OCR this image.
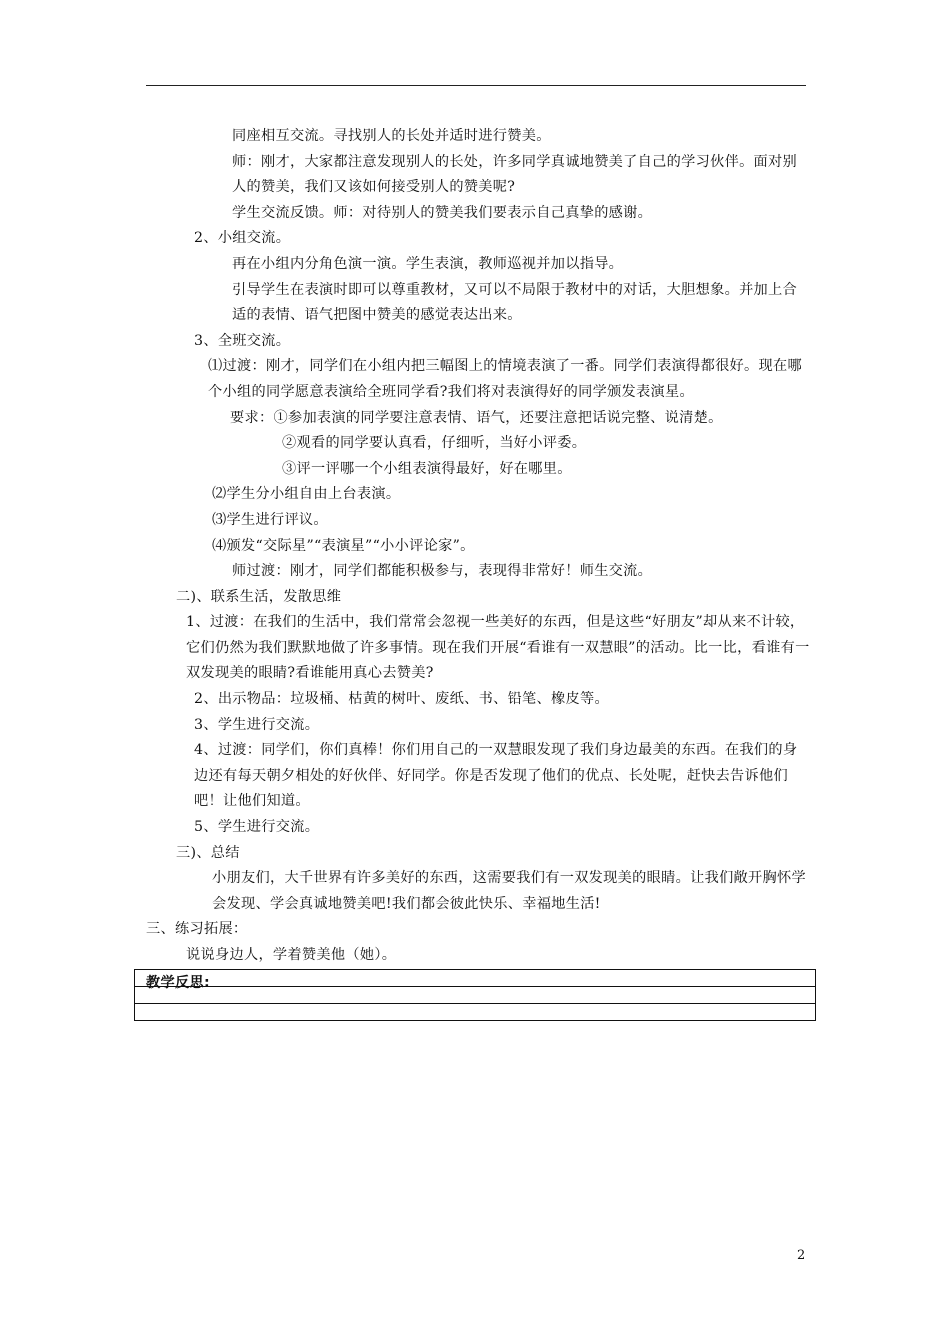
同座相互交流。寻找别人的长处并适时进行赞美。

师：刚才，大家都注意发现别人的长处，许多同学真诚地赞美了自己的学习伙伴。面对别人的赞美，我们又该如何接受别人的赞美呢?

学生交流反馈。师：对待别人的赞美我们要表示自己真挚的感谢。

2、小组交流。

再在小组内分角色演一演。学生表演，教师巡视并加以指导。

引导学生在表演时即可以尊重教材，又可以不局限于教材中的对话，大胆想象。并加上合适的表情、语气把图中赞美的感觉表达出来。

3、全班交流。

⑴过渡：刚才，同学们在小组内把三幅图上的情境表演了一番。同学们表演得都很好。现在哪个小组的同学愿意表演给全班同学看?我们将对表演得好的同学颁发表演星。

要求：①参加表演的同学要注意表情、语气，还要注意把话说完整、说清楚。

②观看的同学要认真看，仔细听，当好小评委。

③评一评哪一个小组表演得最好，好在哪里。

⑵学生分小组自由上台表演。

⑶学生进行评议。

⑷颁发“交际星”“表演星”“小小评论家”。

师过渡：刚才，同学们都能积极参与，表现得非常好！师生交流。

二)、联系生活，发散思维

1、过渡：在我们的生活中，我们常常会忽视一些美好的东西，但是这些“好朋友”却从来不计较，它们仍然为我们默默地做了许多事情。现在我们开展“看谁有一双慧眼”的活动。比一比，看谁有一双发现美的眼睛?看谁能用真心去赞美?

2、出示物品：垃圾桶、枯黄的树叶、废纸、书、铅笔、橡皮等。

3、学生进行交流。

4、过渡：同学们，你们真棒！你们用自己的一双慧眼发现了我们身边最美的东西。在我们的身边还有每天朝夕相处的好伙伴、好同学。你是否发现了他们的优点、长处呢，赶快去告诉他们吧！让他们知道。

5、学生进行交流。

三)、总结

小朋友们，大千世界有许多美好的东西，这需要我们有一双发现美的眼睛。让我们敞开胸怀学会发现、学会真诚地赞美吧!我们都会彼此快乐、幸福地生活!

三、练习拓展：

说说身边人，学着赞美他（她）。

教学反思:

2
